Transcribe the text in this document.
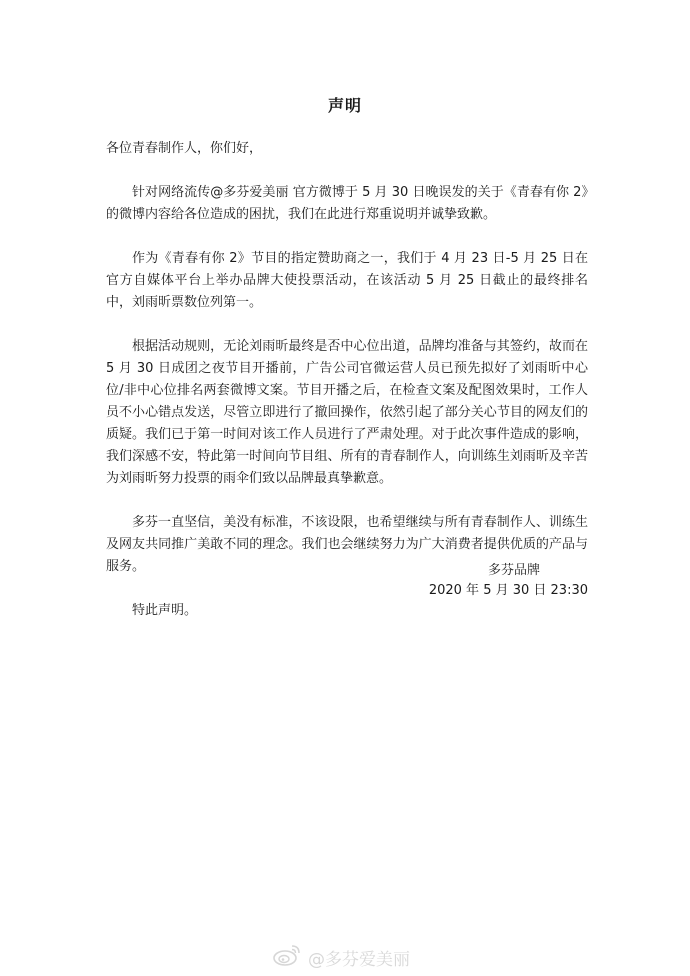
声明

各位青春制作人，你们好，

针对网络流传@多芬爱美丽 官方微博于 5 月 30 日晚误发的关于《青春有你 2》的微博内容给各位造成的困扰，我们在此进行郑重说明并诚挚致歉。

作为《青春有你 2》节目的指定赞助商之一，我们于 4 月 23 日-5 月 25 日在官方自媒体平台上举办品牌大使投票活动，在该活动 5 月 25 日截止的最终排名中，刘雨昕票数位列第一。

根据活动规则，无论刘雨昕最终是否中心位出道，品牌均准备与其签约，故而在 5 月 30 日成团之夜节目开播前，广告公司官微运营人员已预先拟好了刘雨昕中心位/非中心位排名两套微博文案。节目开播之后，在检查文案及配图效果时，工作人员不小心错点发送，尽管立即进行了撤回操作，依然引起了部分关心节目的网友们的质疑。我们已于第一时间对该工作人员进行了严肃处理。对于此次事件造成的影响，我们深感不安，特此第一时间向节目组、所有的青春制作人，向训练生刘雨昕及辛苦为刘雨昕努力投票的雨伞们致以品牌最真挚歉意。

多芬一直坚信，美没有标准，不该设限，也希望继续与所有青春制作人、训练生及网友共同推广美敢不同的理念。我们也会继续努力为广大消费者提供优质的产品与服务。

特此声明。

多芬品牌
2020 年 5 月 30 日 23:30
@多芬爱美丽
